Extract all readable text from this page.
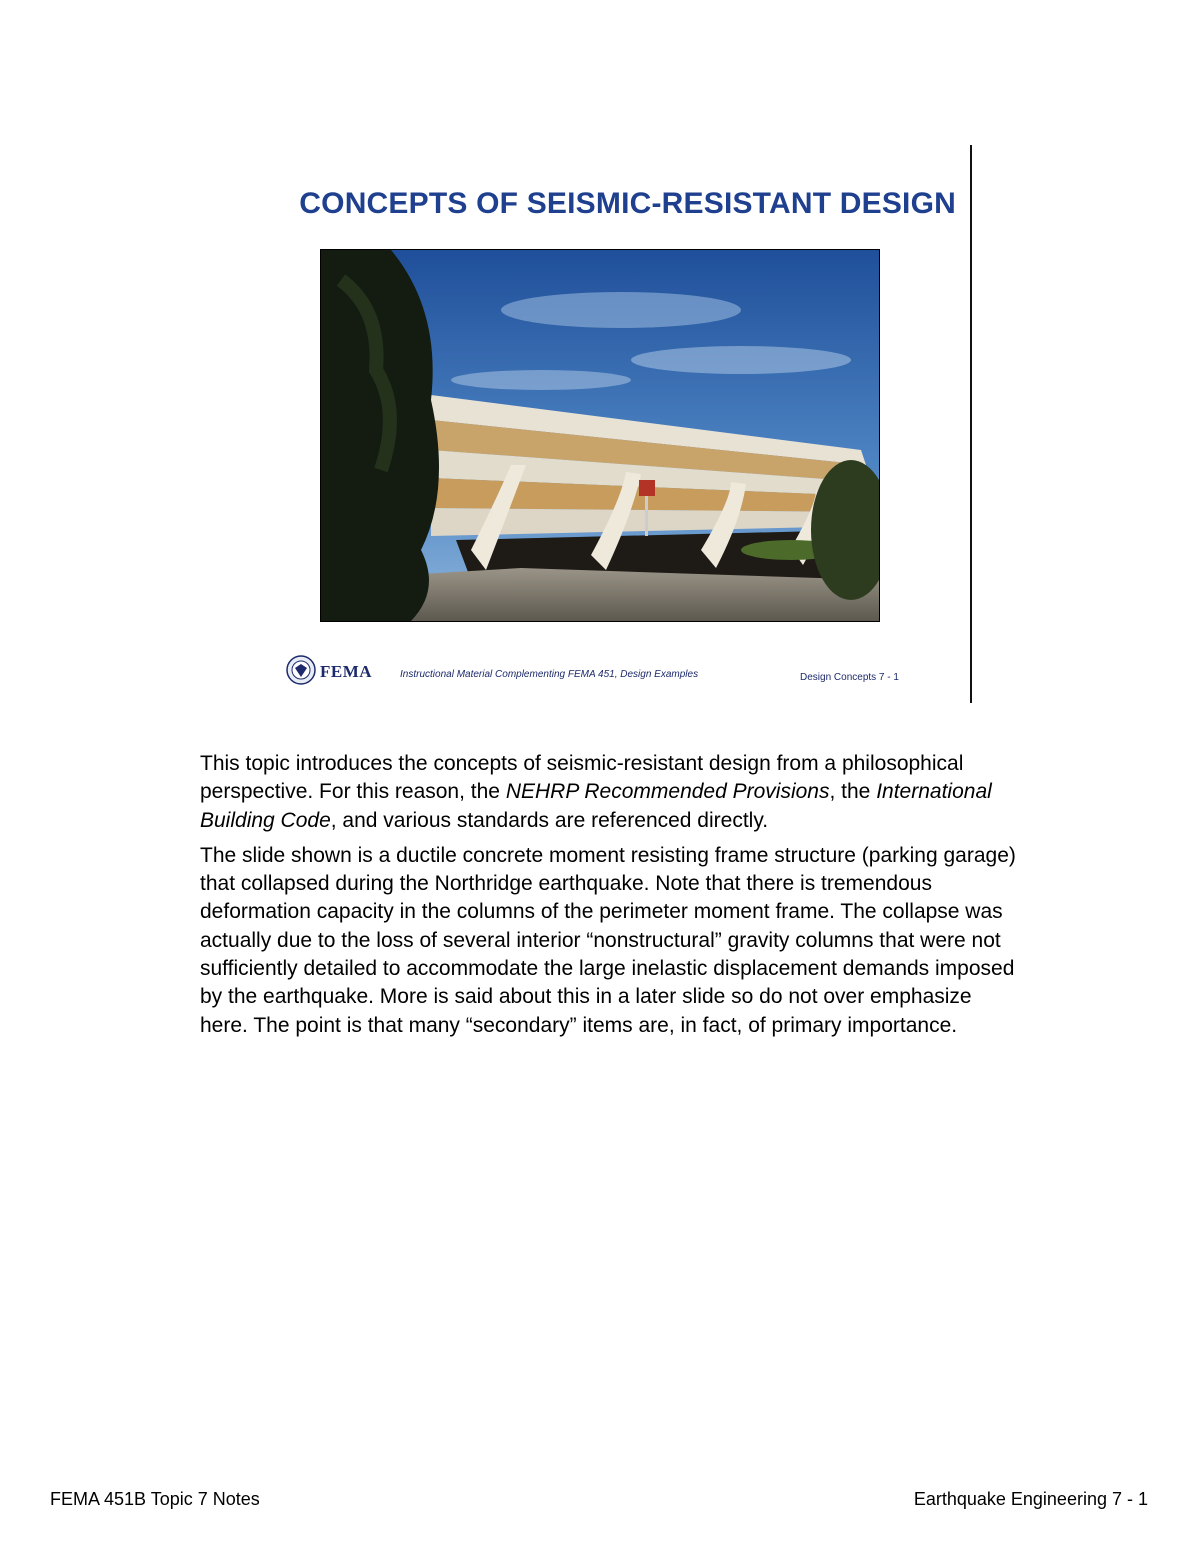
CONCEPTS OF SEISMIC-RESISTANT DESIGN
FEMA	Instructional Material Complementing FEMA 451, Design Examples	Design Concepts 7 - 1

This topic introduces the concepts of seismic-resistant design from a philosophical perspective. For this reason, the NEHRP Recommended Provisions, the International Building Code, and various standards are referenced directly.

The slide shown is a ductile concrete moment resisting frame structure (parking garage) that collapsed during the Northridge earthquake. Note that there is tremendous deformation capacity in the columns of the perimeter moment frame. The collapse was actually due to the loss of several interior “nonstructural” gravity columns that were not sufficiently detailed to accommodate the large inelastic displacement demands imposed by the earthquake. More is said about this in a later slide so do not over emphasize here. The point is that many “secondary” items are, in fact, of primary importance.

FEMA 451B Topic 7 Notes	Earthquake Engineering 7 - 1
